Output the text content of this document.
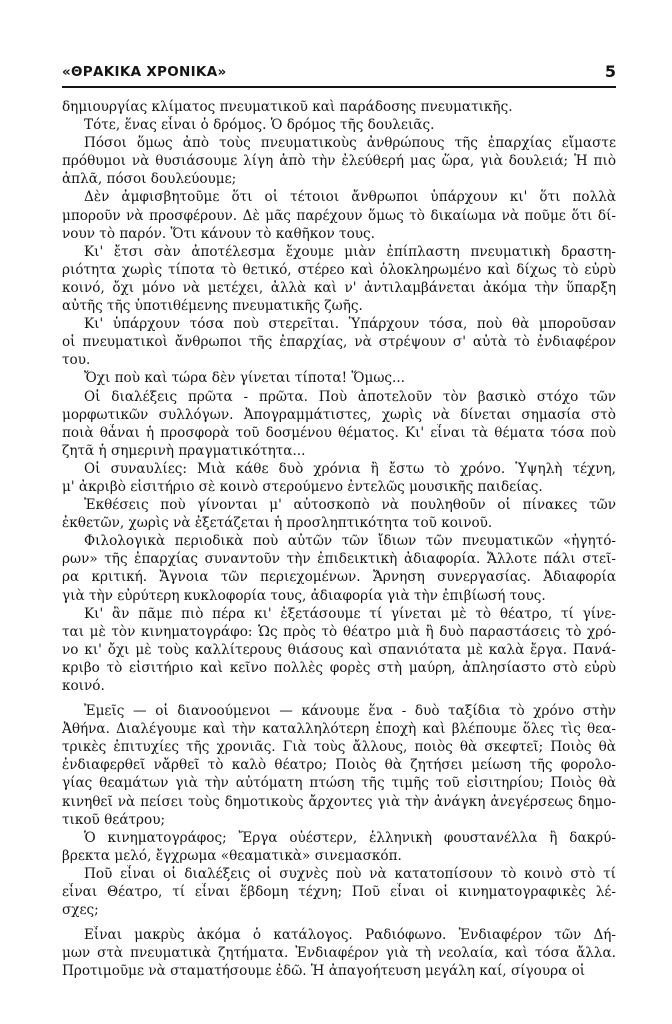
«ΘΡΑΚΙΚΑ ΧΡΟΝΙΚΑ»	5
δημιουργίας κλίματος πνευματικοῦ καὶ παράδοσης πνευματικῆς.
Τότε, ἕνας εἶναι ὁ δρόμος. Ὁ δρόμος τῆς δουλειᾶς.
Πόσοι ὅμως ἀπὸ τοὺς πνευματικοὺς ἀνθρώπους τῆς ἐπαρχίας εἴμαστε
πρόθυμοι νὰ θυσιάσουμε λίγη ἀπὸ τὴν ἐλεύθερή μας ὥρα, γιὰ δουλειά; Ἡ πιὸ
ἁπλᾶ, πόσοι δουλεύουμε;
Δὲν ἀμφισβητοῦμε ὅτι οἱ τέτοιοι ἄνθρωποι ὑπάρχουν κι' ὅτι πολλὰ
μποροῦν νὰ προσφέρουν. Δὲ μᾶς παρέχουν ὅμως τὸ δικαίωμα νὰ ποῦμε ὅτι δί-
νουν τὸ παρόν. Ὅτι κάνουν τὸ καθῆκον τους.
Κι' ἔτσι σὰν ἀποτέλεσμα ἔχουμε μιὰν ἐπίπλαστη πνευματικὴ δραστη-
ριότητα χωρὶς τίποτα τὸ θετικό, στέρεο καὶ ὁλοκληρωμένο καὶ δίχως τὸ εὐρὺ
κοινό, ὄχι μόνο νὰ μετέχει, ἀλλὰ καὶ ν' ἀντιλαμβάνεται ἀκόμα τὴν ὕπαρξη
αὐτῆς τῆς ὑποτιθέμενης πνευματικῆς ζωῆς.
Κι' ὑπάρχουν τόσα ποὺ στερεῖται. Ὑπάρχουν τόσα, ποὺ θὰ μποροῦσαν
οἱ πνευματικοὶ ἄνθρωποι τῆς ἐπαρχίας, νὰ στρέψουν σ' αὐτὰ τὸ ἐνδιαφέρον
του.
Ὄχι ποὺ καὶ τώρα δὲν γίνεται τίποτα! Ὅμως...
Οἱ διαλέξεις πρῶτα - πρῶτα. Ποὺ ἀποτελοῦν τὸν βασικὸ στόχο τῶν
μορφωτικῶν συλλόγων. Ἀπογραμμάτιστες, χωρὶς νὰ δίνεται σημασία στὸ
ποιὰ θἆναι ἡ προσφορὰ τοῦ δοσμένου θέματος. Κι' εἶναι τὰ θέματα τόσα ποὺ
ζητᾶ ἡ σημερινὴ πραγματικότητα...
Οἱ συναυλίες: Μιὰ κάθε δυὸ χρόνια ἢ ἔστω τὸ χρόνο. Ὑψηλὴ τέχνη,
μ' ἀκριβὸ εἰσιτήριο σὲ κοινὸ στερούμενο ἐντελῶς μουσικῆς παιδείας.
Ἐκθέσεις ποὺ γίνονται μ' αὐτοσκοπὸ νὰ πουληθοῦν οἱ πίνακες τῶν
ἐκθετῶν, χωρὶς νὰ ἐξετάζεται ἡ προσληπτικότητα τοῦ κοινοῦ.
Φιλολογικὰ περιοδικὰ ποὺ αὐτῶν τῶν ἴδιων τῶν πνευματικῶν «ἠγητό-
ρων» τῆς ἐπαρχίας συναντοῦν τὴν ἐπιδεικτικὴ ἀδιαφορία. Ἄλλοτε πάλι στεῖ-
ρα κριτική. Ἄγνοια τῶν περιεχομένων. Ἄρνηση συνεργασίας. Ἀδιαφορία
γιὰ τὴν εὐρύτερη κυκλοφορία τους, ἀδιαφορία γιὰ τὴν ἐπιβίωσή τους.
Κι' ἂν πᾶμε πιὸ πέρα κι' ἐξετάσουμε τί γίνεται μὲ τὸ θέατρο, τί γίνε-
ται μὲ τὸν κινηματογράφο: Ὡς πρὸς τὸ θέατρο μιὰ ἢ δυὸ παραστάσεις τὸ χρό-
νο κι' ὄχι μὲ τοὺς καλλίτερους θιάσους καὶ σπανιότατα μὲ καλὰ ἔργα. Πανά-
κριβο τὸ εἰσιτήριο καὶ κεῖνο πολλὲς φορὲς στὴ μαύρη, ἀπλησίαστο στὸ εὐρὺ
κοινό.
Ἐμεῖς — οἱ διανοούμενοι — κάνουμε ἕνα - δυὸ ταξίδια τὸ χρόνο στὴν
Ἀθήνα. Διαλέγουμε καὶ τὴν καταλληλότερη ἐποχὴ καὶ βλέπουμε ὅλες τὶς θεα-
τρικὲς ἐπιτυχίες τῆς χρονιᾶς. Γιὰ τοὺς ἄλλους, ποιὸς θὰ σκεφτεῖ; Ποιὸς θὰ
ἐνδιαφερθεῖ νἄρθεῖ τὸ καλὸ θέατρο; Ποιὸς θὰ ζητήσει μείωση τῆς φορολο-
γίας θεαμάτων γιὰ τὴν αὐτόματη πτώση τῆς τιμῆς τοῦ εἰσιτηρίου; Ποιὸς θὰ
κινηθεῖ νὰ πείσει τοὺς δημοτικοὺς ἄρχοντες γιὰ τὴν ἀνάγκη ἀνεγέρσεως δημο-
τικοῦ θεάτρου;
Ὁ κινηματογράφος; Ἔργα οὐέστερν, ἑλληνικὴ φουστανέλλα ἢ δακρύ-
βρεκτα μελό, ἔγχρωμα «θεαματικὰ» σινεμασκόπ.
Ποῦ εἶναι οἱ διαλέξεις οἱ συχνὲς ποὺ νὰ κατατοπίσουν τὸ κοινὸ στὸ τί
εἶναι Θέατρο, τί εἶναι ἕβδομη τέχνη; Ποῦ εἶναι οἱ κινηματογραφικὲς λέ-
σχες;
Εἶναι μακρὺς ἀκόμα ὁ κατάλογος. Ραδιόφωνο. Ἐνδιαφέρον τῶν Δή-
μων στὰ πνευματικὰ ζητήματα. Ἐνδιαφέρον γιὰ τὴ νεολαία, καὶ τόσα ἄλλα.
Προτιμοῦμε νὰ σταματήσουμε ἐδῶ. Ἡ ἀπαγοήτευση μεγάλη καί, σίγουρα οἱ
